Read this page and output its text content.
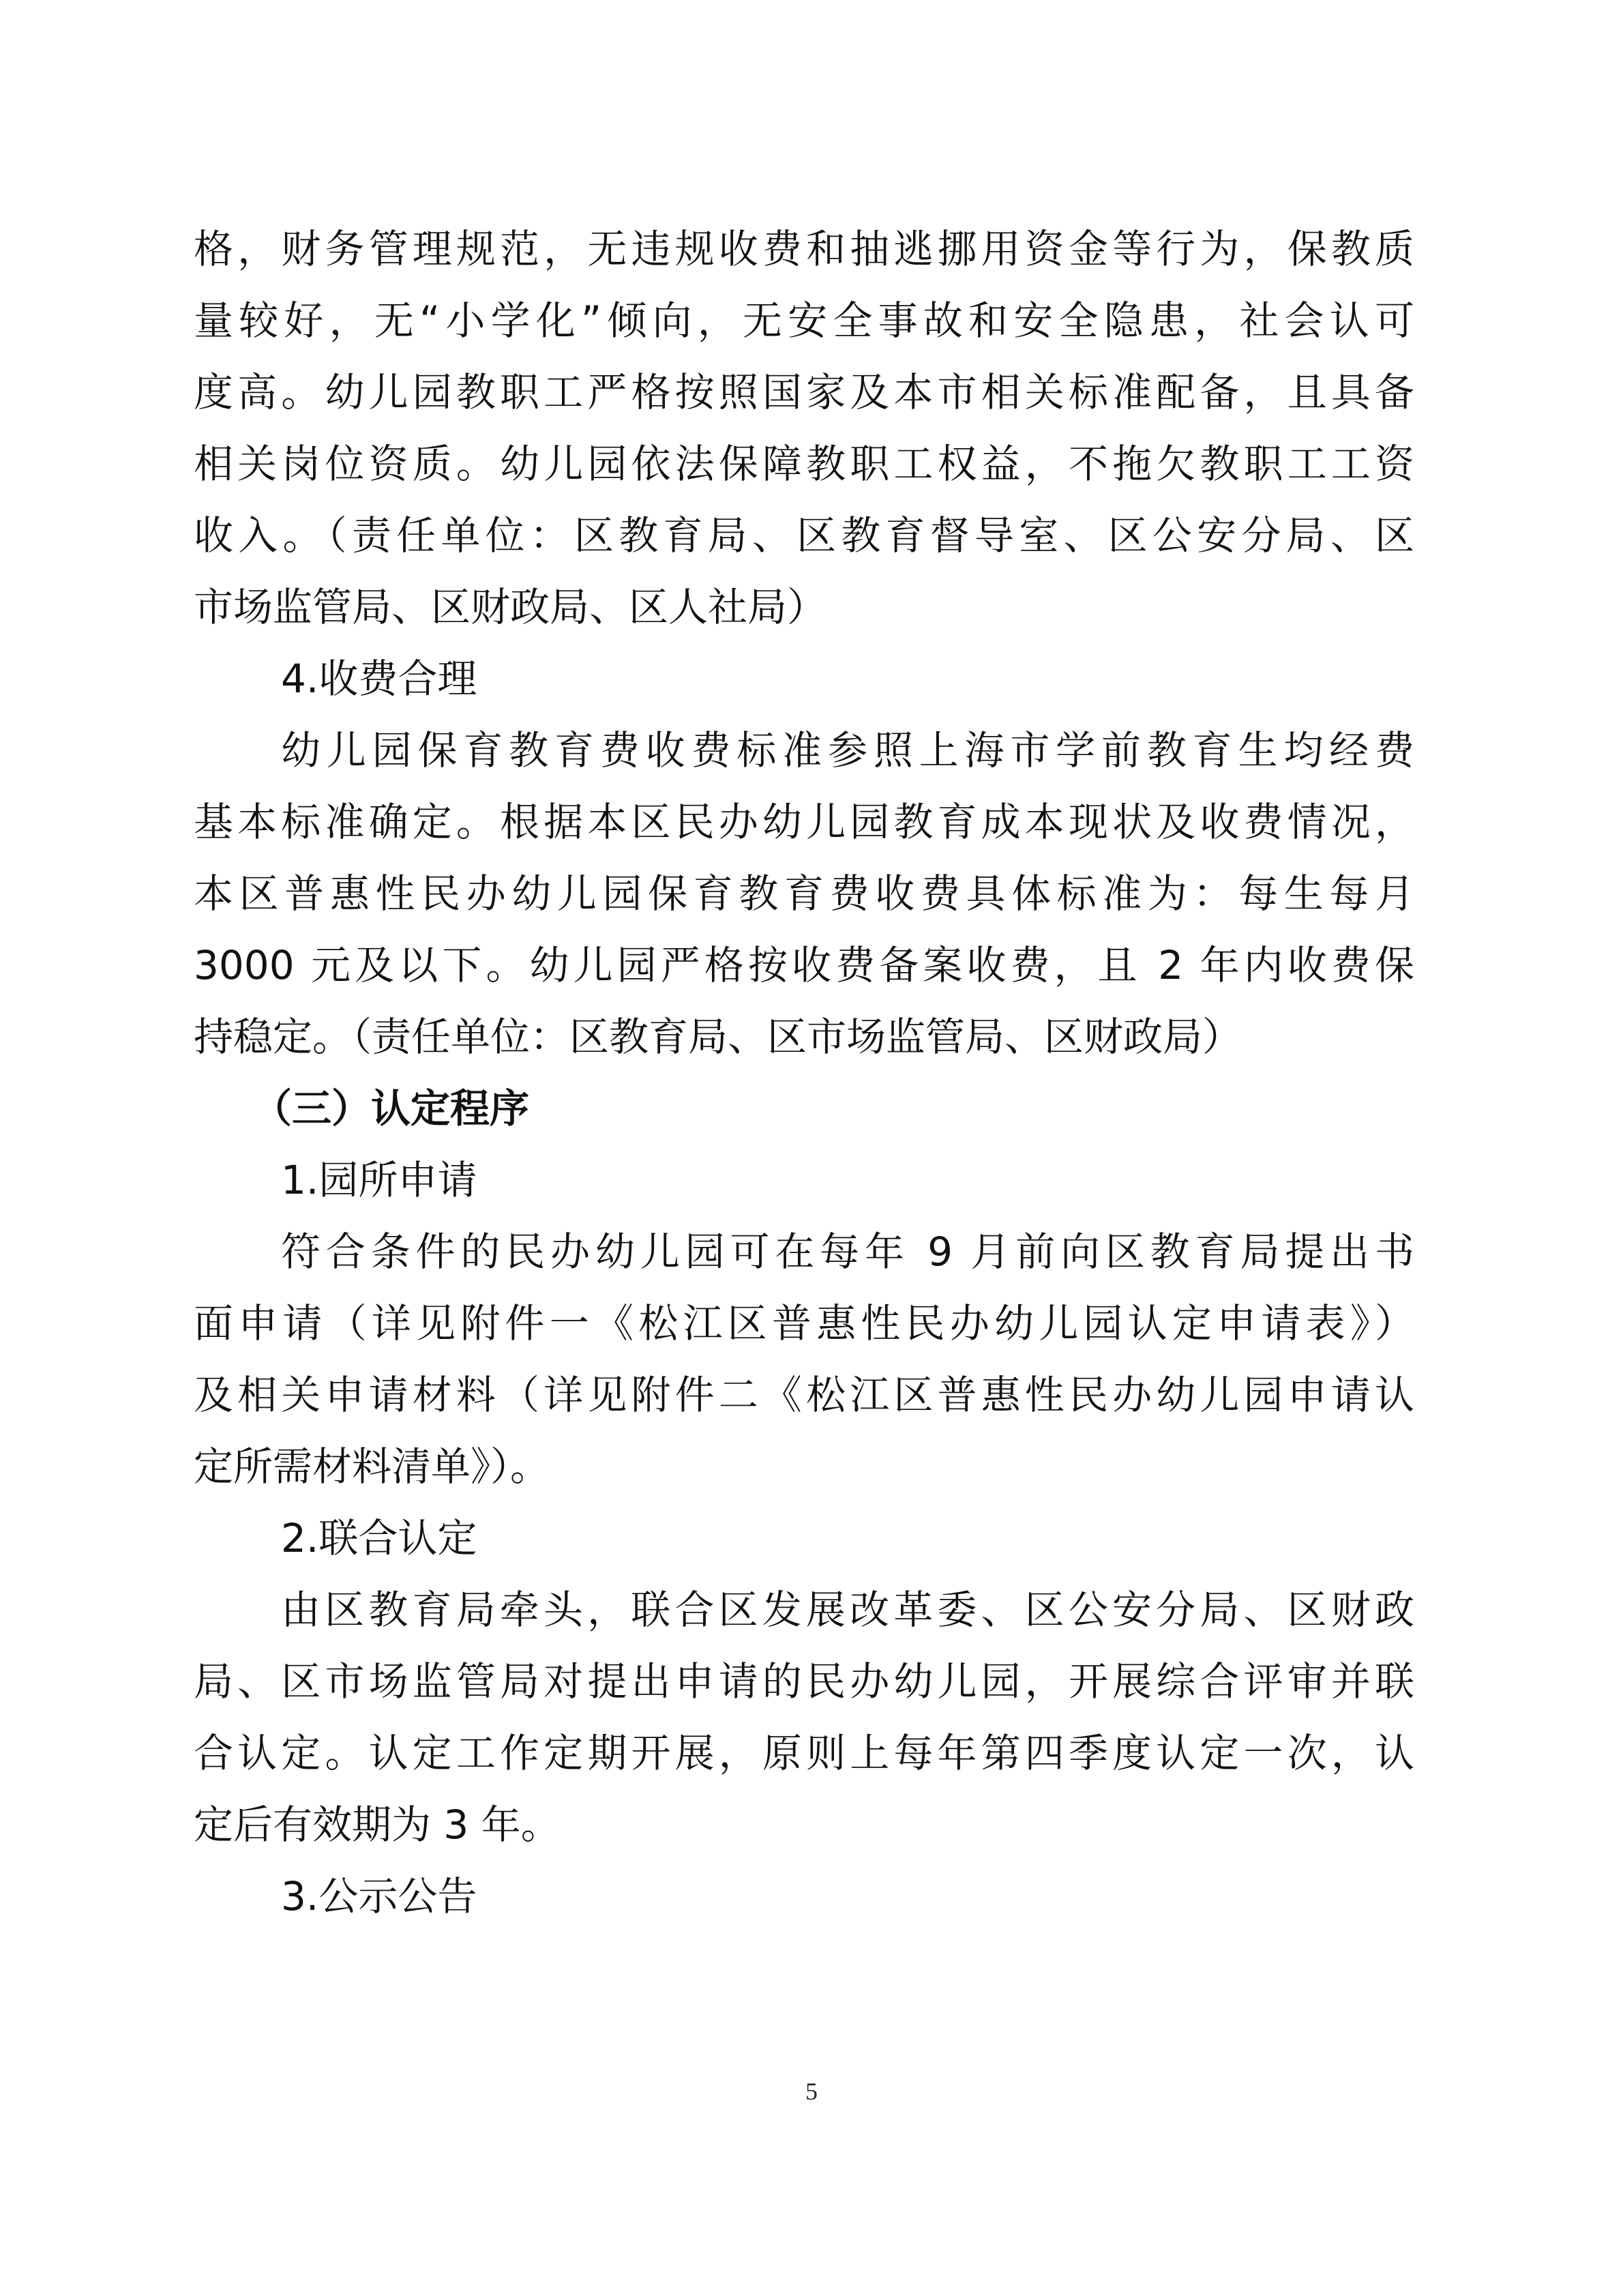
格，财务管理规范，无违规收费和抽逃挪用资金等行为，保教质
量较好，无“小学化”倾向，无安全事故和安全隐患，社会认可
度高。幼儿园教职工严格按照国家及本市相关标准配备，且具备
相关岗位资质。幼儿园依法保障教职工权益，不拖欠教职工工资
收入。（责任单位：区教育局、区教育督导室、区公安分局、区
市场监管局、区财政局、区人社局）
4.收费合理
幼儿园保育教育费收费标准参照上海市学前教育生均经费
基本标准确定。根据本区民办幼儿园教育成本现状及收费情况，
本区普惠性民办幼儿园保育教育费收费具体标准为：每生每月
3000 元及以下。幼儿园严格按收费备案收费，且 2 年内收费保
持稳定。（责任单位：区教育局、区市场监管局、区财政局）
（三）认定程序
1.园所申请
符合条件的民办幼儿园可在每年 9 月前向区教育局提出书
面申请（详见附件一《松江区普惠性民办幼儿园认定申请表》）
及相关申请材料（详见附件二《松江区普惠性民办幼儿园申请认
定所需材料清单》）。
2.联合认定
由区教育局牵头，联合区发展改革委、区公安分局、区财政
局、区市场监管局对提出申请的民办幼儿园，开展综合评审并联
合认定。认定工作定期开展，原则上每年第四季度认定一次，认
定后有效期为 3 年。
3.公示公告
5
